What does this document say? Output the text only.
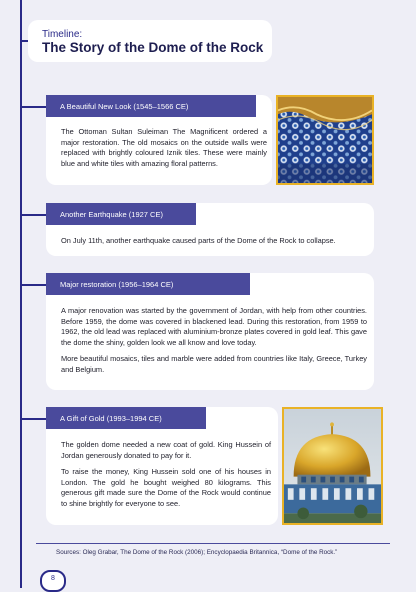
Timeline:
The Story of the Dome of the Rock
A Beautiful New Look (1545–1566 CE)

The Ottoman Sultan Suleiman The Magnificent ordered a major restoration. The old mosaics on the outside walls were replaced with brightly coloured Iznik tiles. These were mainly blue and white tiles with amazing floral patterns.

Another Earthquake (1927 CE)

On July 11th, another earthquake caused parts of the Dome of the Rock to collapse.

Major restoration (1956–1964 CE)

A major renovation was started by the government of Jordan, with help from other countries. Before 1959, the dome was covered in blackened lead. During this restoration, from 1959 to 1962, the old lead was replaced with aluminium-bronze plates covered in gold leaf. This gave the dome the shiny, golden look we all know and love today.

More beautiful mosaics, tiles and marble were added from countries like Italy, Greece, Turkey and Belgium.

A Gift of Gold (1993–1994 CE)

The golden dome needed a new coat of gold. King Hussein of Jordan generously donated to pay for it.

To raise the money, King Hussein sold one of his houses in London. The gold he bought weighed 80 kilograms. This generous gift made sure the Dome of the Rock would continue to shine brightly for everyone to see.

Sources: Oleg Grabar, The Dome of the Rock (2006); Encyclopaedia Britannica, “Dome of the Rock.”
8
